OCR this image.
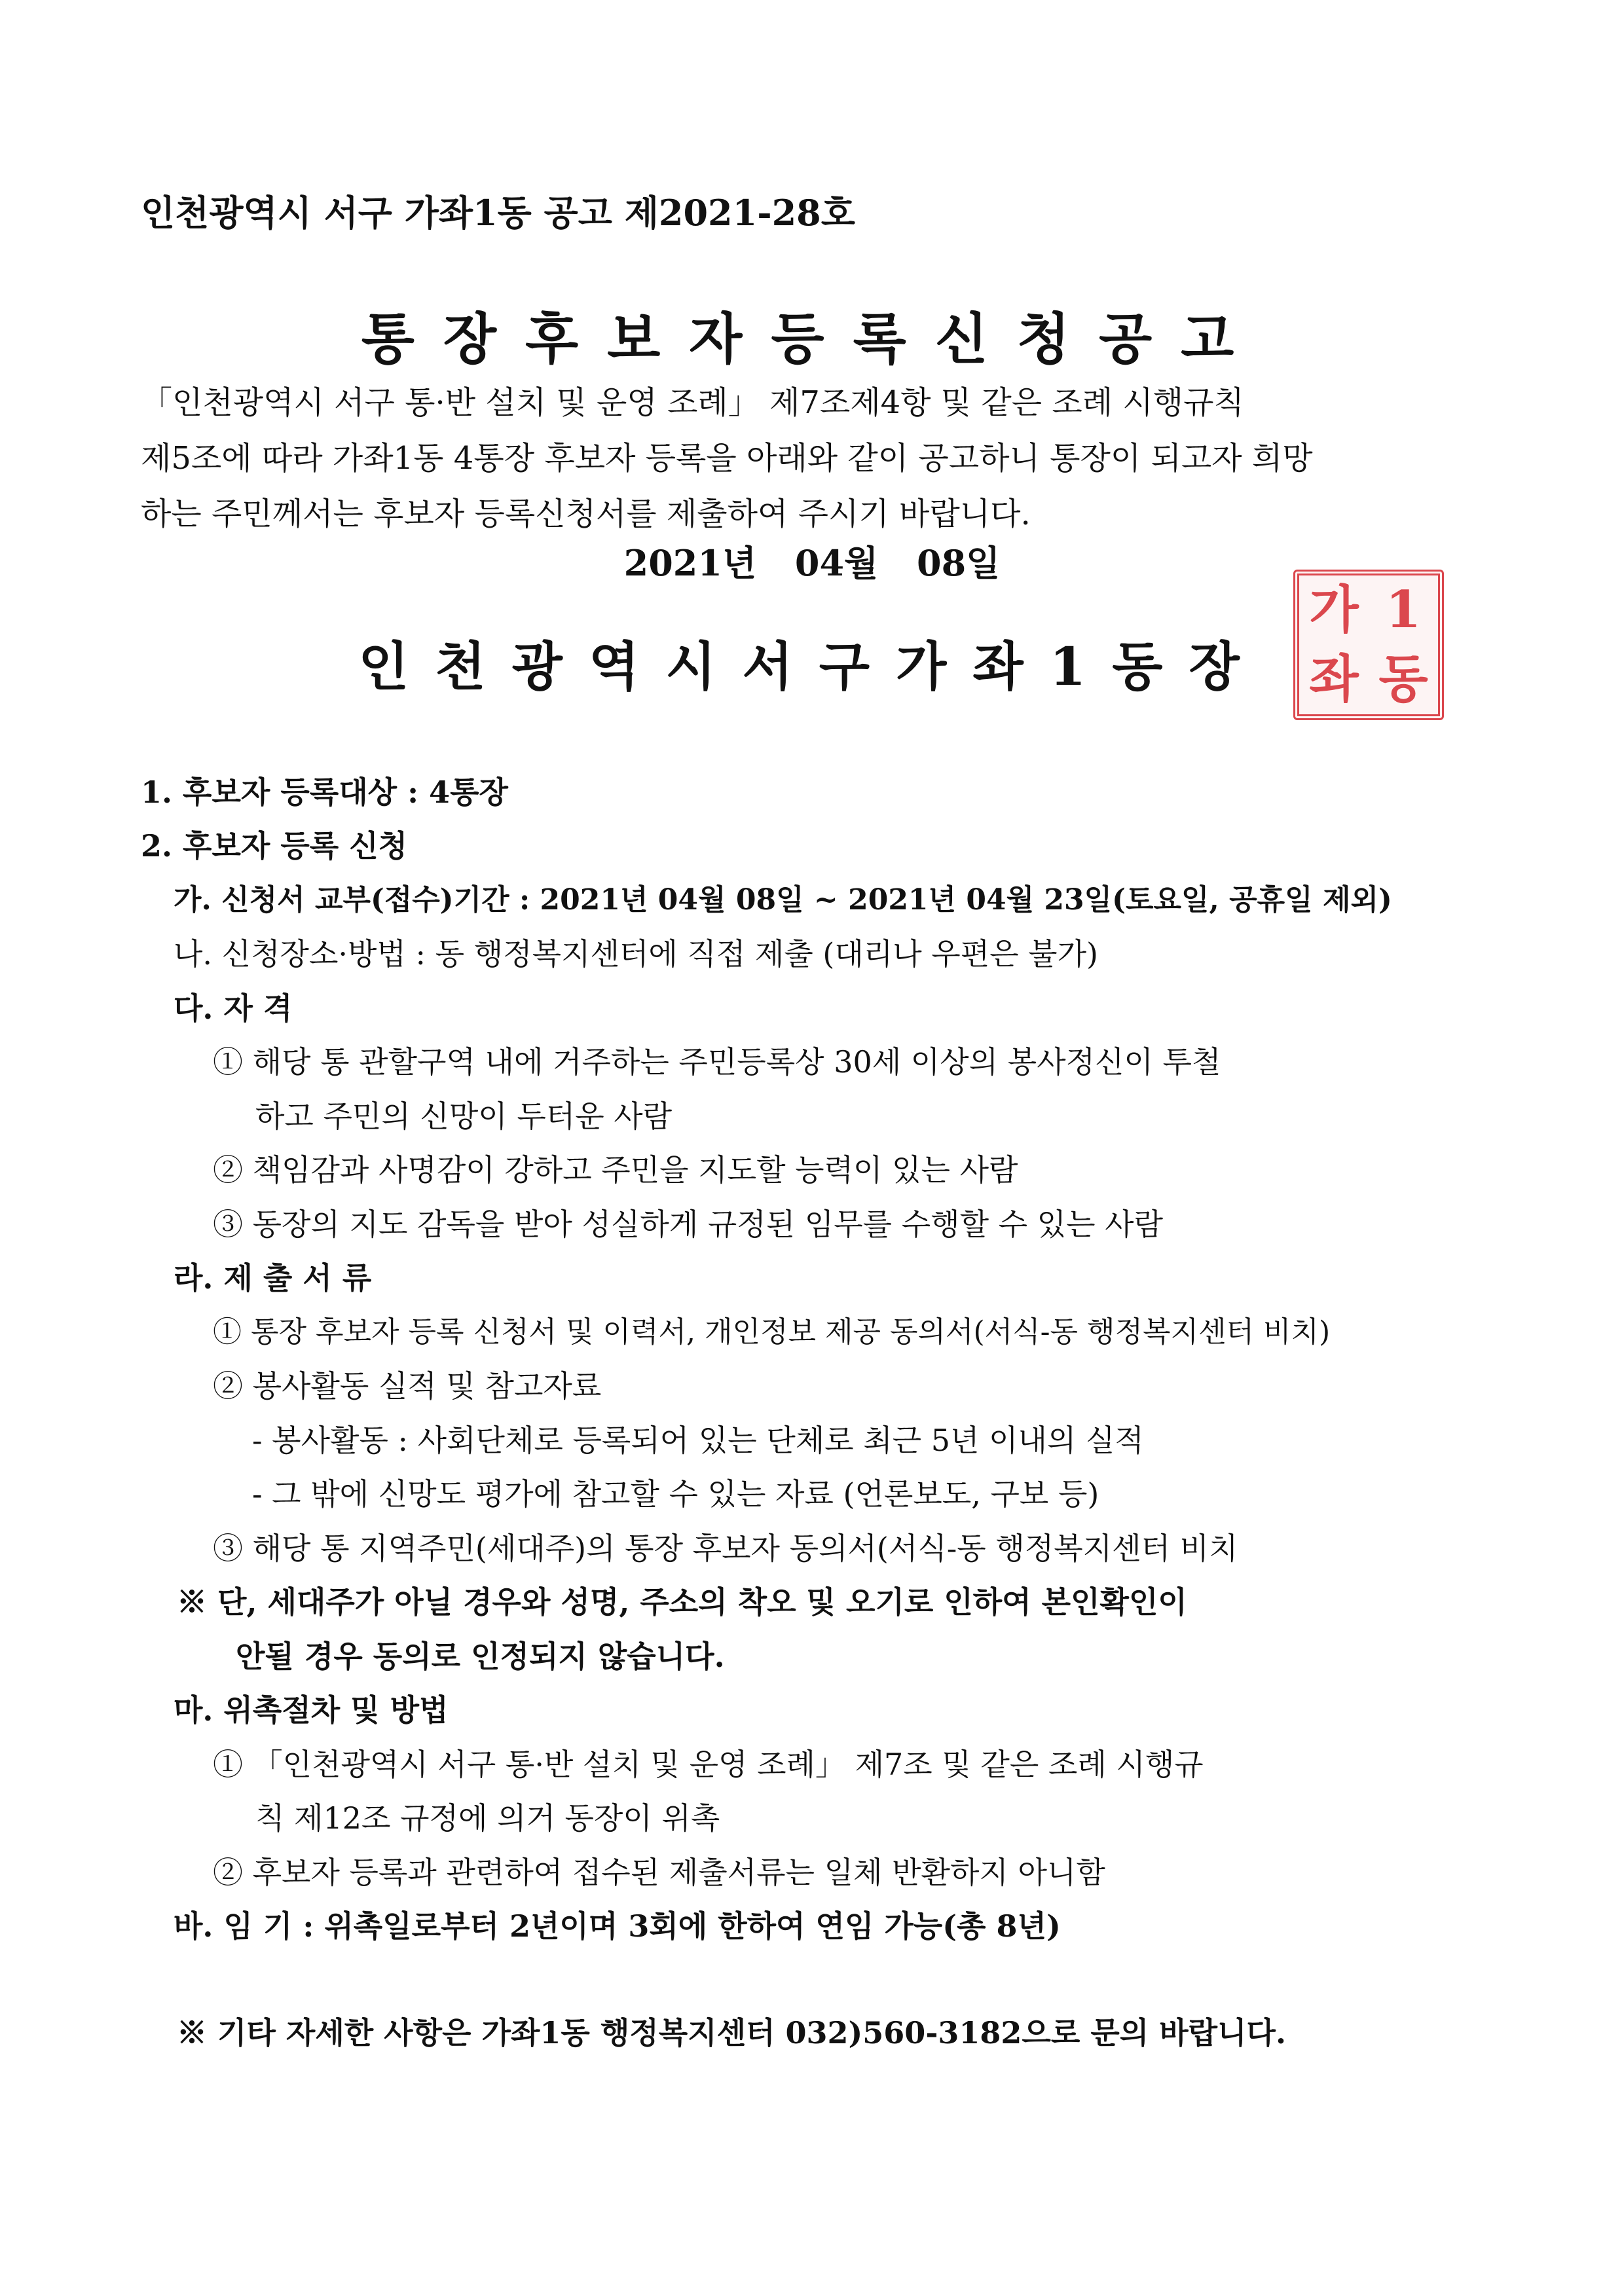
인천광역시 서구 가좌1동 공고 제2021-28호
통장후보자등록신청공고
「인천광역시 서구 통·반 설치 및 운영 조례」 제7조제4항 및 같은 조례 시행규칙
제5조에 따라 가좌1동 4통장 후보자 등록을 아래와 같이 공고하니 통장이 되고자 희망
하는 주민께서는 후보자 등록신청서를 제출하여 주시기 바랍니다.
2021년 04월 08일
인천광역시서구가좌1동장
가 1
좌 동
1. 후보자 등록대상 : 4통장
2. 후보자 등록 신청
가. 신청서 교부(접수)기간 : 2021년 04월 08일 ~ 2021년 04월 23일(토요일, 공휴일 제외)
나. 신청장소·방법 : 동 행정복지센터에 직접 제출 (대리나 우편은 불가)
다. 자 격
① 해당 통 관할구역 내에 거주하는 주민등록상 30세 이상의 봉사정신이 투철
하고 주민의 신망이 두터운 사람
② 책임감과 사명감이 강하고 주민을 지도할 능력이 있는 사람
③ 동장의 지도 감독을 받아 성실하게 규정된 임무를 수행할 수 있는 사람
라. 제 출 서 류
① 통장 후보자 등록 신청서 및 이력서, 개인정보 제공 동의서(서식-동 행정복지센터 비치)
② 봉사활동 실적 및 참고자료
- 봉사활동 : 사회단체로 등록되어 있는 단체로 최근 5년 이내의 실적
- 그 밖에 신망도 평가에 참고할 수 있는 자료 (언론보도, 구보 등)
③ 해당 통 지역주민(세대주)의 통장 후보자 동의서(서식-동 행정복지센터 비치
※ 단, 세대주가 아닐 경우와 성명, 주소의 착오 및 오기로 인하여 본인확인이
안될 경우 동의로 인정되지 않습니다.
마. 위촉절차 및 방법
① 「인천광역시 서구 통·반 설치 및 운영 조례」 제7조 및 같은 조례 시행규
칙 제12조 규정에 의거 동장이 위촉
② 후보자 등록과 관련하여 접수된 제출서류는 일체 반환하지 아니함
바. 임 기 : 위촉일로부터 2년이며 3회에 한하여 연임 가능(총 8년)
※ 기타 자세한 사항은 가좌1동 행정복지센터 032)560-3182으로 문의 바랍니다.
